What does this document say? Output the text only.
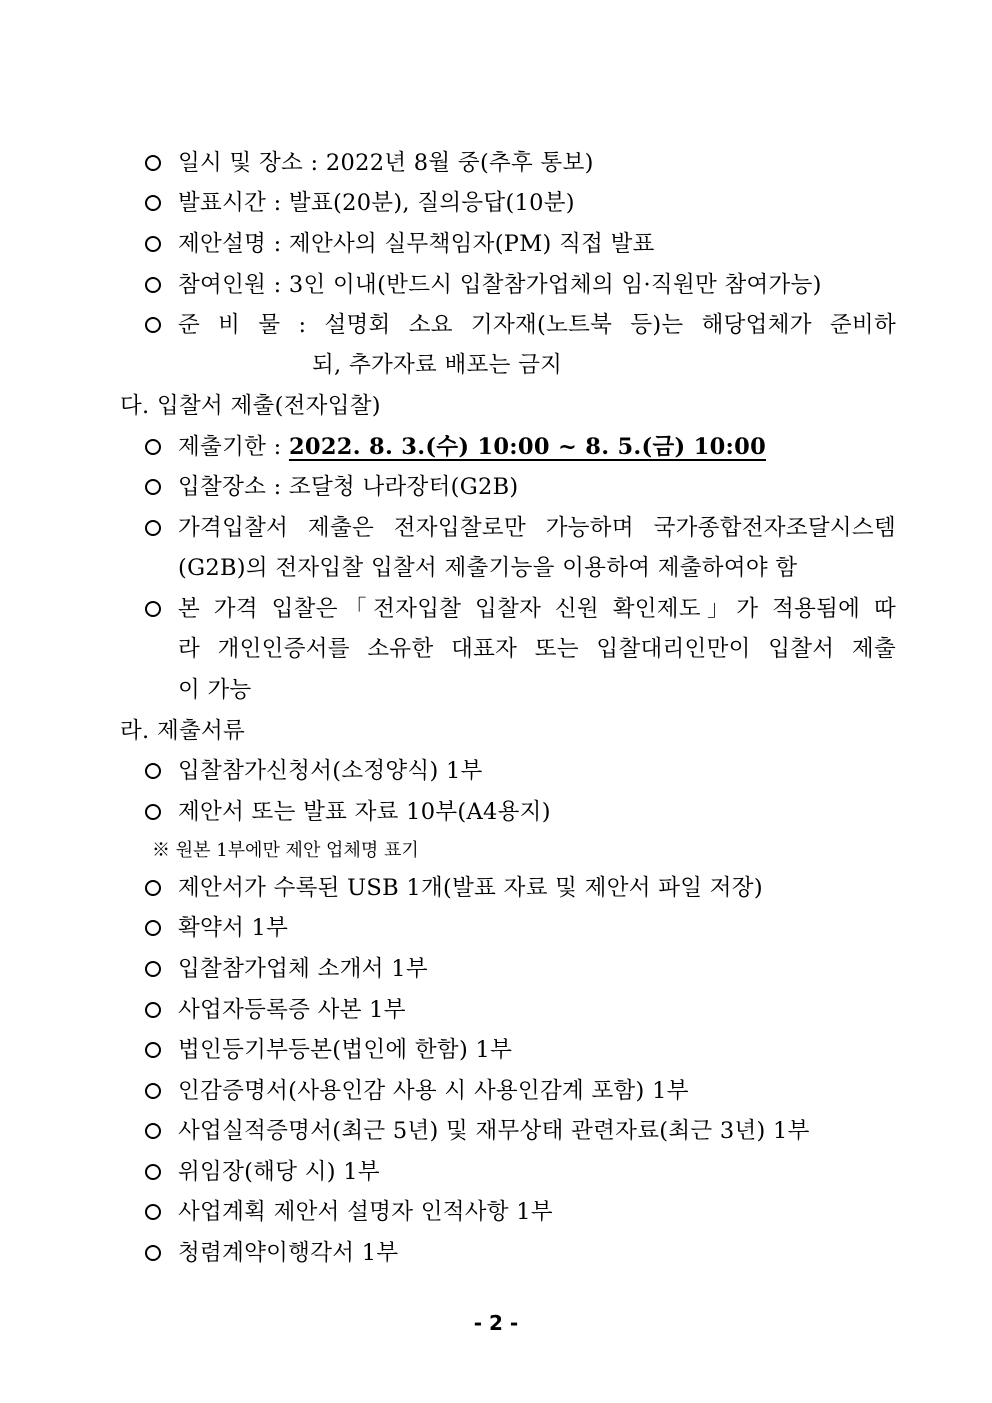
일시 및 장소 : 2022년 8월 중(추후 통보)
발표시간 : 발표(20분), 질의응답(10분)
제안설명 : 제안사의 실무책임자(PM) 직접 발표
참여인원 : 3인 이내(반드시 입찰참가업체의 임·직원만 참여가능)
준 비 물 : 설명회 소요 기자재(노트북 등)는 해당업체가 준비하
되, 추가자료 배포는 금지
다. 입찰서 제출(전자입찰)
제출기한 : 2022. 8. 3.(수) 10:00 ~ 8. 5.(금) 10:00
입찰장소 : 조달청 나라장터(G2B)
가격입찰서 제출은 전자입찰로만 가능하며 국가종합전자조달시스템
(G2B)의 전자입찰 입찰서 제출기능을 이용하여 제출하여야 함
본 가격 입찰은「전자입찰 입찰자 신원 확인제도」가 적용됨에 따
라 개인인증서를 소유한 대표자 또는 입찰대리인만이 입찰서 제출
이 가능
라. 제출서류
입찰참가신청서(소정양식) 1부
제안서 또는 발표 자료 10부(A4용지)
※ 원본 1부에만 제안 업체명 표기
제안서가 수록된 USB 1개(발표 자료 및 제안서 파일 저장)
확약서 1부
입찰참가업체 소개서 1부
사업자등록증 사본 1부
법인등기부등본(법인에 한함) 1부
인감증명서(사용인감 사용 시 사용인감계 포함) 1부
사업실적증명서(최근 5년) 및 재무상태 관련자료(최근 3년) 1부
위임장(해당 시) 1부
사업계획 제안서 설명자 인적사항 1부
청렴계약이행각서 1부
- 2 -
